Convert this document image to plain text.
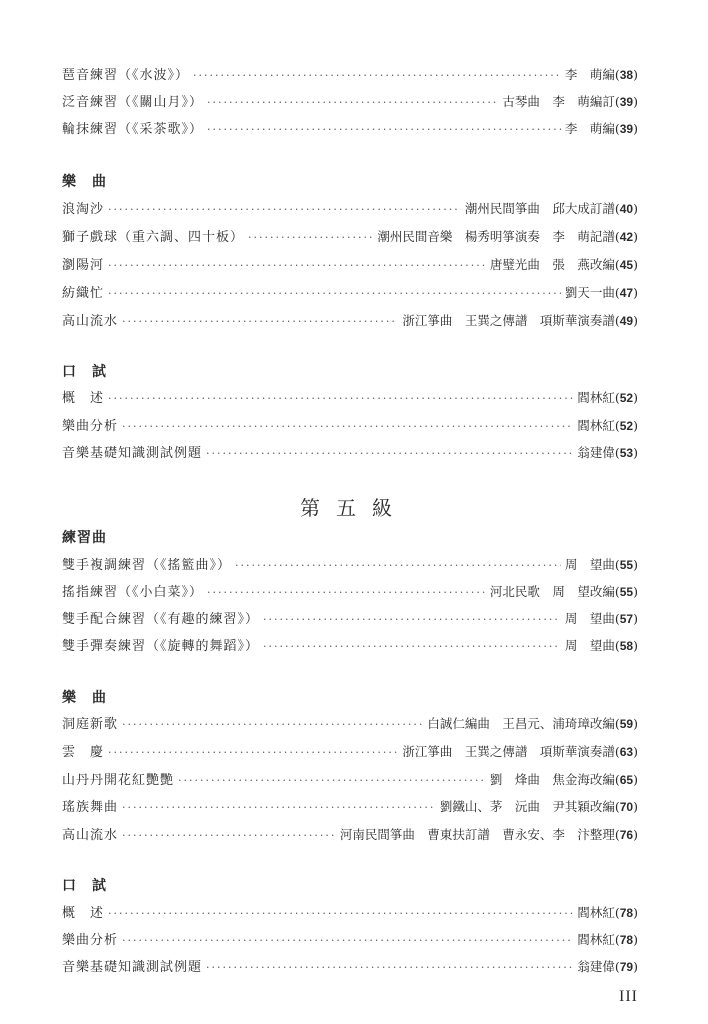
琶音練習（《水波》） ·····	李　萌編 (38)
泛音練習（《關山月》） ·····	古琴曲　李　萌編訂 (39)
輪抹練習（《采茶歌》） ·····	李　萌編 (39)
樂　曲
浪淘沙 ·····	潮州民間箏曲　邱大成訂譜 (40)
獅子戲球（重六調、四十板） ·····	潮州民間音樂　楊秀明箏演奏　李　萌記譜 (42)
瀏陽河 ·····	唐璧光曲　張　燕改編 (45)
紡織忙 ·····	劉天一曲 (47)
高山流水 ·····	浙江箏曲　王巽之傳譜　項斯華演奏譜 (49)
口　試
概　述 ·····	閻林紅 (52)
樂曲分析 ·····	閻林紅 (52)
音樂基礎知識測試例題 ·····	翁建偉 (53)
第五級
練習曲
雙手複調練習（《搖籃曲》） ·····	周　望曲 (55)
搖指練習（《小白菜》） ·····	河北民歌　周　望改編 (55)
雙手配合練習（《有趣的練習》） ·····	周　望曲 (57)
雙手彈奏練習（《旋轉的舞蹈》） ·····	周　望曲 (58)
樂　曲
洞庭新歌 ·····	白誠仁編曲　王昌元、浦琦璋改編 (59)
雲　慶 ·····	浙江箏曲　王巽之傳譜　項斯華演奏譜 (63)
山丹丹開花紅艷艷 ·····	劉　烽曲　焦金海改編 (65)
瑤族舞曲 ·····	劉鐵山、茅　沅曲　尹其穎改編 (70)
高山流水 ·····	河南民間箏曲　曹東扶訂譜　曹永安、李　汴整理 (76)
口　試
概　述 ·····	閻林紅 (78)
樂曲分析 ·····	閻林紅 (78)
音樂基礎知識測試例題 ·····	翁建偉 (79)
III
